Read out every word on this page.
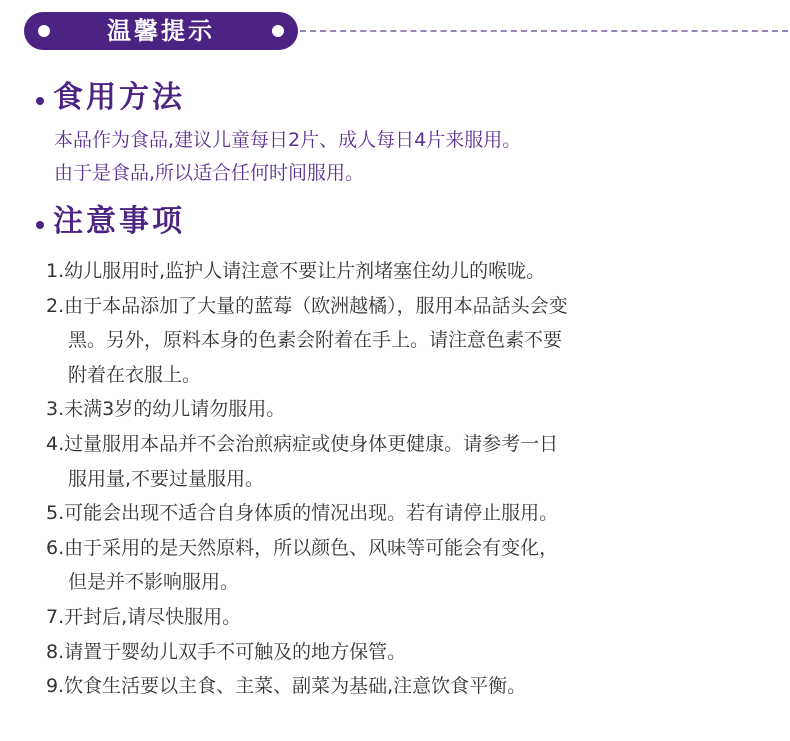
温馨提示
食用方法
本品作为食品,建议儿童每日2片、成人每日4片来服用。
由于是食品,所以适合任何时间服用。
注意事项
1.幼儿服用时,监护人请注意不要让片剂堵塞住幼儿的喉咙。
2.由于本品添加了大量的蓝莓（欧洲越橘），服用本品話头会变
黑。另外，原料本身的色素会附着在手上。请注意色素不要
附着在衣服上。
3.未满3岁的幼儿请勿服用。
4.过量服用本品并不会治煎病症或使身体更健康。请参考一日
服用量,不要过量服用。
5.可能会出现不适合自身体质的情况出现。若有请停止服用。
6.由于采用的是天然原料，所以颜色、风味等可能会有变化，
但是并不影响服用。
7.开封后,请尽快服用。
8.请置于婴幼儿双手不可触及的地方保管。
9.饮食生活要以主食、主菜、副菜为基础,注意饮食平衡。
